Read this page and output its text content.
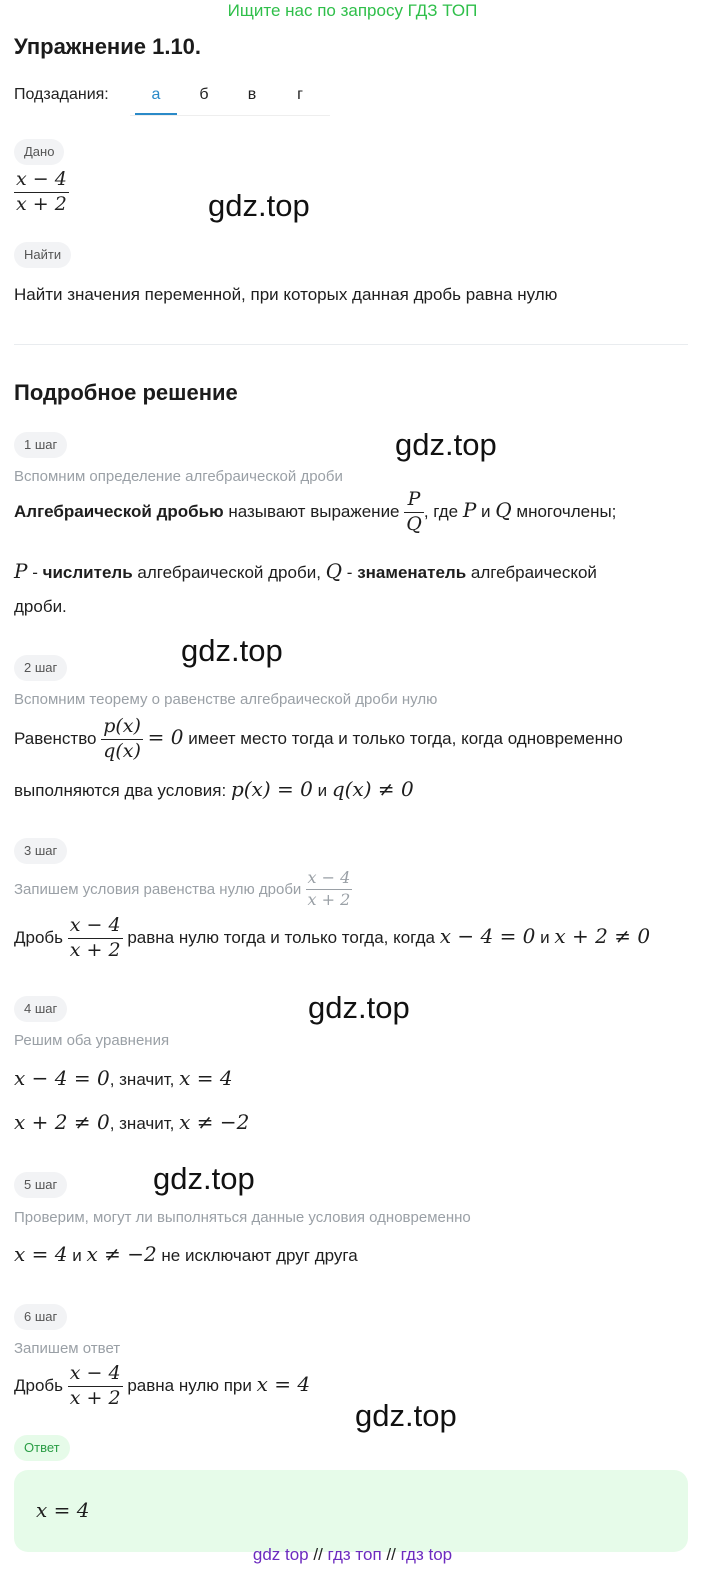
Ищите нас по запросу ГДЗ ТОП
Упражнение 1.10.
Подзадания:	а	б	в	г
Дано
$\frac{x - 4}{x + 2}$	gdz.top
Найти
Найти значения переменной, при которых данная дробь равна нулю
Подробное решение
1 шаг	gdz.top
Вспомним определение алгебраической дроби
Алгебраической дробью называют выражение $\frac{P}{Q}$ , где P и Q многочлены;
P - числитель алгебраической дроби, Q - знаменатель алгебраической
дроби.
gdz.top
2 шаг
Вспомним теорему о равенстве алгебраической дроби нулю
Равенство $\frac{p(x)}{q(x)} = 0$ имеет место тогда и только тогда, когда одновременно
выполняются два условия: p(x) = 0 и q(x) ≠ 0
3 шаг
Запишем условия равенства нулю дроби $\frac{x - 4}{x + 2}$
Дробь $\frac{x - 4}{x + 2}$ равна нулю тогда и только тогда, когда x − 4 = 0 и x + 2 ≠ 0
4 шаг	gdz.top
Решим оба уравнения
x − 4 = 0, значит, x = 4
x + 2 ≠ 0, значит, x ≠ −2
gdz.top
5 шаг
Проверим, могут ли выполняться данные условия одновременно
x = 4 и x ≠ −2 не исключают друг друга
6 шаг
Запишем ответ
Дробь $\frac{x - 4}{x + 2}$ равна нулю при x = 4
gdz.top
Ответ
x = 4
gdz top // гдз топ // гдз top
